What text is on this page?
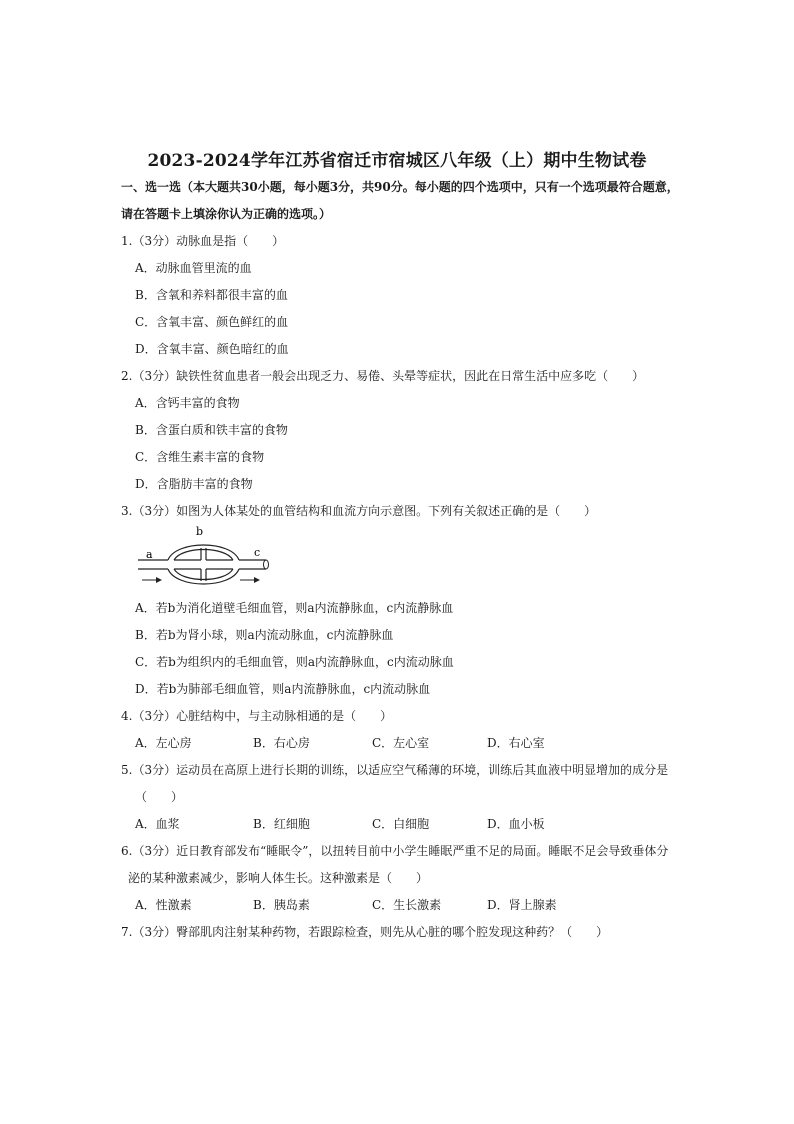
2023-2024学年江苏省宿迁市宿城区八年级（上）期中生物试卷
一、选一选（本大题共30小题，每小题3分，共90分。每小题的四个选项中，只有一个选项最符合题意，
请在答题卡上填涂你认为正确的选项。）
1.（3分）动脉血是指（　　）
A．动脉血管里流的血
B．含氧和养料都很丰富的血
C．含氧丰富、颜色鲜红的血
D．含氧丰富、颜色暗红的血
2.（3分）缺铁性贫血患者一般会出现乏力、易倦、头晕等症状，因此在日常生活中应多吃（　　）
A．含钙丰富的食物
B．含蛋白质和铁丰富的食物
C．含维生素丰富的食物
D．含脂肪丰富的食物
3.（3分）如图为人体某处的血管结构和血流方向示意图。下列有关叙述正确的是（　　）
a
b
c
A．若b为消化道壁毛细血管，则a内流静脉血，c内流静脉血
B．若b为肾小球，则a内流动脉血，c内流静脉血
C．若b为组织内的毛细血管，则a内流静脉血，c内流动脉血
D．若b为肺部毛细血管，则a内流静脉血，c内流动脉血
4.（3分）心脏结构中，与主动脉相通的是（　　）
A．左心房	B．右心房	C．左心室	D．右心室
5.（3分）运动员在高原上进行长期的训练，以适应空气稀薄的环境，训练后其血液中明显增加的成分是
（　　）
A．血浆	B．红细胞	C．白细胞	D．血小板
6.（3分）近日教育部发布“睡眠令”，以扭转目前中小学生睡眠严重不足的局面。睡眠不足会导致垂体分
泌的某种激素减少，影响人体生长。这种激素是（　　）
A．性激素	B．胰岛素	C．生长激素	D．肾上腺素
7.（3分）臀部肌肉注射某种药物，若跟踪检查，则先从心脏的哪个腔发现这种药？（　　）
